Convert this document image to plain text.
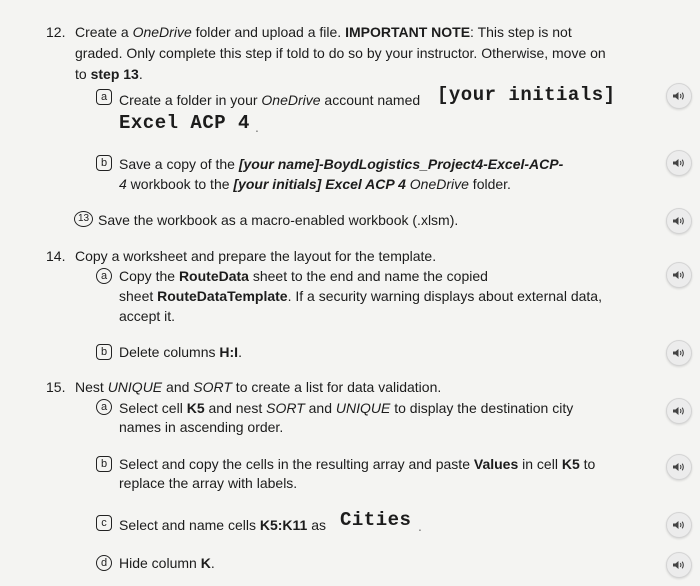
12. Create a OneDrive folder and upload a file. IMPORTANT NOTE: This step is not
graded. Only complete this step if told to do so by your instructor. Otherwise, move on
to step 13.
a Create a folder in your OneDrive account named [your initials]
Excel ACP 4 .
b Save a copy of the [your name]-BoydLogistics_Project4-Excel-ACP-
4 workbook to the [your initials] Excel ACP 4 OneDrive folder.
13 Save the workbook as a macro-enabled workbook (.xlsm).
14. Copy a worksheet and prepare the layout for the template.
a Copy the RouteData sheet to the end and name the copied
sheet RouteDataTemplate. If a security warning displays about external data,
accept it.
b Delete columns H:I.
15. Nest UNIQUE and SORT to create a list for data validation.
a Select cell K5 and nest SORT and UNIQUE to display the destination city
names in ascending order.
b Select and copy the cells in the resulting array and paste Values in cell K5 to
replace the array with labels.
c Select and name cells K5:K11 as Cities .
d Hide column K.
